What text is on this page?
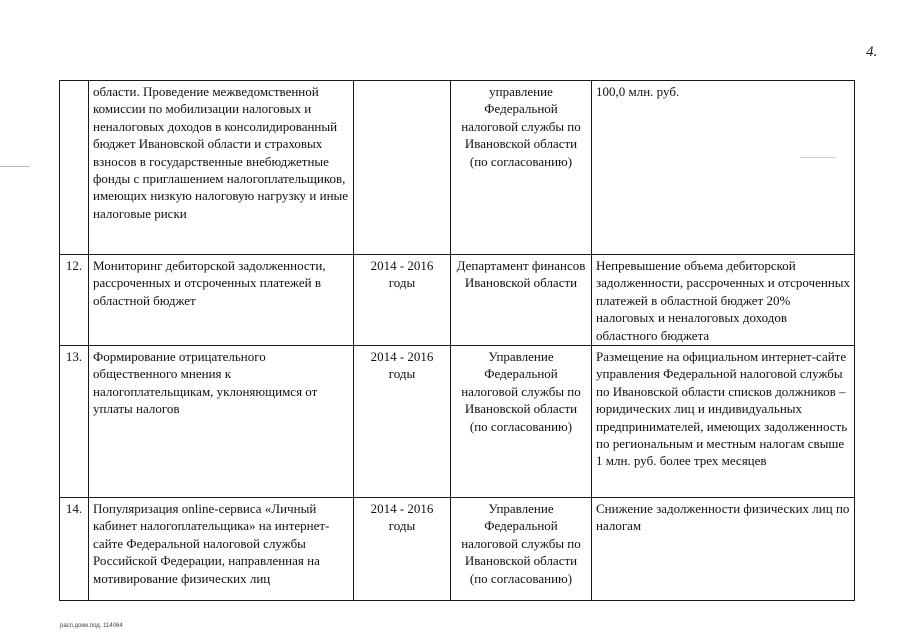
4.
	области. Проведение межведомственной комиссии по мобилизации налоговых и неналоговых доходов в консолидированный бюджет Ивановской области и страховых взносов в государственные внебюджетные фонды с приглашением налогоплательщиков, имеющих низкую налоговую нагрузку и иные налоговые риски		управление Федеральной налоговой службы по Ивановской области (по согласованию)	100,0 млн. руб.
12.	Мониторинг дебиторской задолженности, рассроченных и отсроченных платежей в областной бюджет	2014 - 2016 годы	Департамент финансов Ивановской области	Непревышение объема дебиторской задолженности, рассроченных и отсроченных платежей в областной бюджет 20% налоговых и неналоговых доходов областного бюджета
13.	Формирование отрицательного общественного мнения к налогоплательщикам, уклоняющимся от уплаты налогов	2014 - 2016 годы	Управление Федеральной налоговой службы по Ивановской области (по согласованию)	Размещение на официальном интернет-сайте управления Федеральной налоговой службы по Ивановской области списков должников – юридических лиц и индивидуальных предпринимателей, имеющих задолженность по региональным и местным налогам свыше 1 млн. руб. более трех месяцев
14.	Популяризация online-сервиса «Личный кабинет налогоплательщика» на интернет-сайте Федеральной налоговой службы Российской Федерации, направленная на мотивирование физических лиц	2014 - 2016 годы	Управление Федеральной налоговой службы по Ивановской области (по согласованию)	Снижение задолженности физических лиц по налогам
расп.докм.под. 114064
